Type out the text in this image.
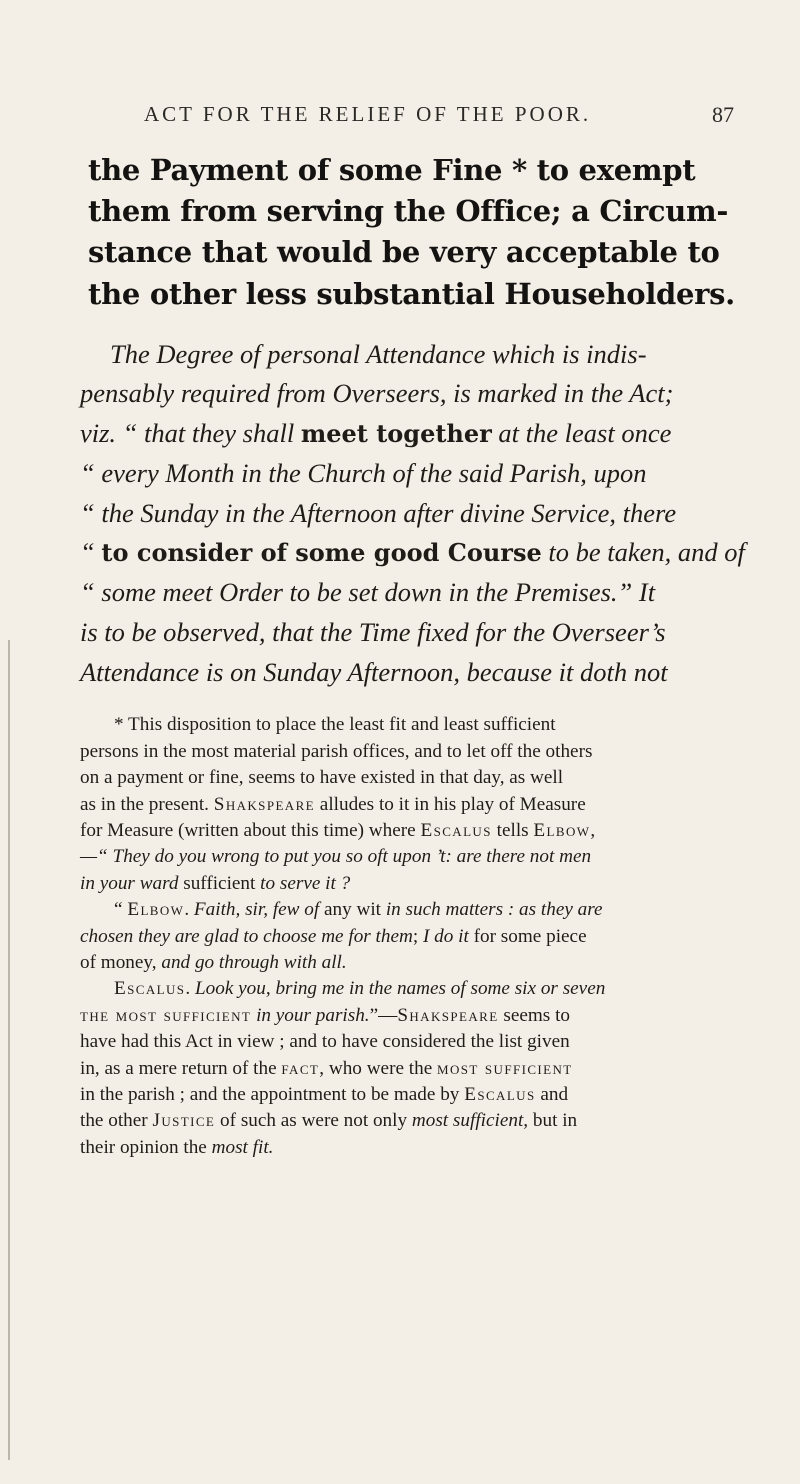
ACT FOR THE RELIEF OF THE POOR.	87
the Payment of some Fine * to exempt
them from serving the Office; a Circum-
stance that would be very acceptable to
the other less substantial Householders.
The Degree of personal Attendance which is indis-
pensably required from Overseers, is marked in the Act;
viz. “ that they shall meet together at the least once
“ every Month in the Church of the said Parish, upon
“ the Sunday in the Afternoon after divine Service, there
“ to consider of some good Course to be taken, and of
“ some meet Order to be set down in the Premises.” It
is to be observed, that the Time fixed for the Overseer’s
Attendance is on Sunday Afternoon, because it doth not
* This disposition to place the least fit and least sufficient
persons in the most material parish offices, and to let off the others
on a payment or fine, seems to have existed in that day, as well
as in the present. Shakspeare alludes to it in his play of Measure
for Measure (written about this time) where Escalus tells Elbow,
—“ They do you wrong to put you so oft upon ’t: are there not men
in your ward sufficient to serve it ?
“ Elbow. Faith, sir, few of any wit in such matters : as they are
chosen they are glad to choose me for them; I do it for some piece
of money, and go through with all.
Escalus. Look you, bring me in the names of some six or seven
the most sufficient in your parish.”—Shakspeare seems to
have had this Act in view ; and to have considered the list given
in, as a mere return of the fact, who were the most sufficient
in the parish ; and the appointment to be made by Escalus and
the other Justice of such as were not only most sufficient, but in
their opinion the most fit.
